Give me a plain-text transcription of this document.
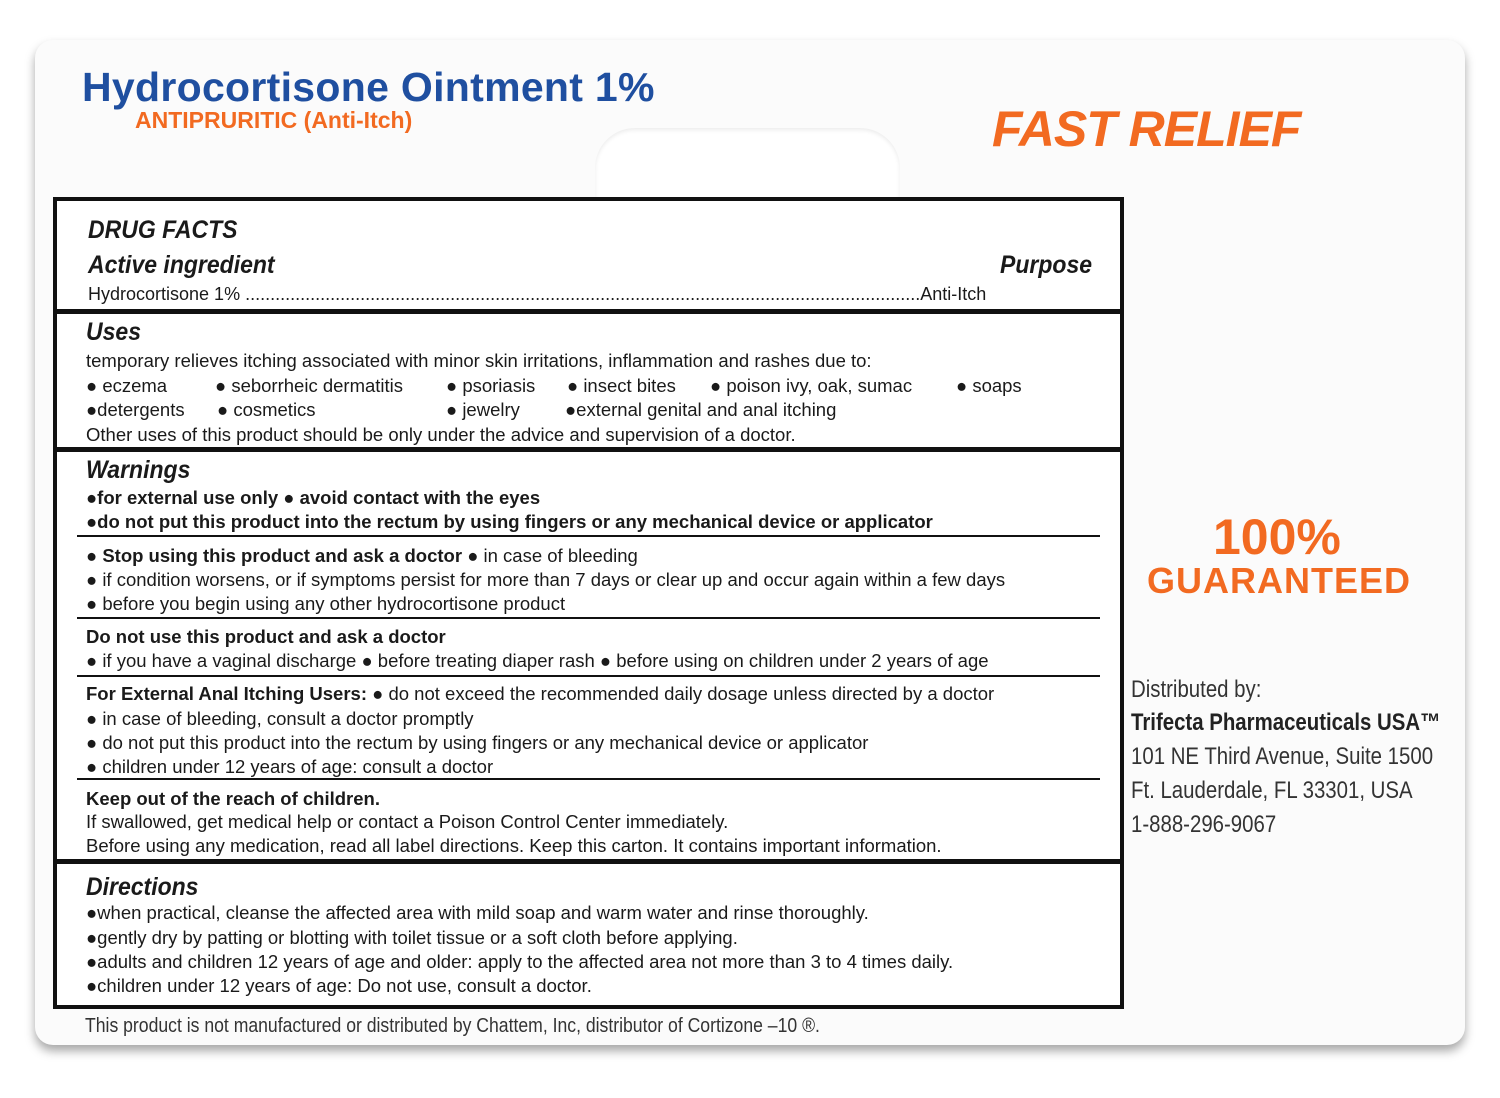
Hydrocortisone Ointment 1%
ANTIPRURITIC (Anti-Itch)	FAST RELIEF
100%
GUARANTEED
Distributed by:
Trifecta Pharmaceuticals USA™
101 NE Third Avenue, Suite 1500
Ft. Lauderdale, FL 33301, USA
1-888-296-9067
DRUG FACTS
Active ingredient	Purpose
Hydrocortisone 1% .......................................................................................................................................Anti-Itch
Uses
temporary relieves itching associated with minor skin irritations, inflammation and rashes due to:
● eczema	● seborrheic dermatitis ● psoriasis ● insect bites ● poison ivy, oak, sumac ● soaps
●detergents ● cosmetics	● jewelry ●external genital and anal itching
Other uses of this product should be only under the advice and supervision of a doctor.
Warnings
●for external use only ● avoid contact with the eyes
●do not put this product into the rectum by using fingers or any mechanical device or applicator
● Stop using this product and ask a doctor ● in case of bleeding
● if condition worsens, or if symptoms persist for more than 7 days or clear up and occur again within a few days
● before you begin using any other hydrocortisone product
Do not use this product and ask a doctor
● if you have a vaginal discharge ● before treating diaper rash ● before using on children under 2 years of age
For External Anal Itching Users: ● do not exceed the recommended daily dosage unless directed by a doctor
● in case of bleeding, consult a doctor promptly
● do not put this product into the rectum by using fingers or any mechanical device or applicator
● children under 12 years of age: consult a doctor
Keep out of the reach of children.
If swallowed, get medical help or contact a Poison Control Center immediately.
Before using any medication, read all label directions. Keep this carton. It contains important information.
Directions
●when practical, cleanse the affected area with mild soap and warm water and rinse thoroughly.
●gently dry by patting or blotting with toilet tissue or a soft cloth before applying.
●adults and children 12 years of age and older: apply to the affected area not more than 3 to 4 times daily.
●children under 12 years of age: Do not use, consult a doctor.
This product is not manufactured or distributed by Chattem, Inc, distributor of Cortizone –10 ®.
